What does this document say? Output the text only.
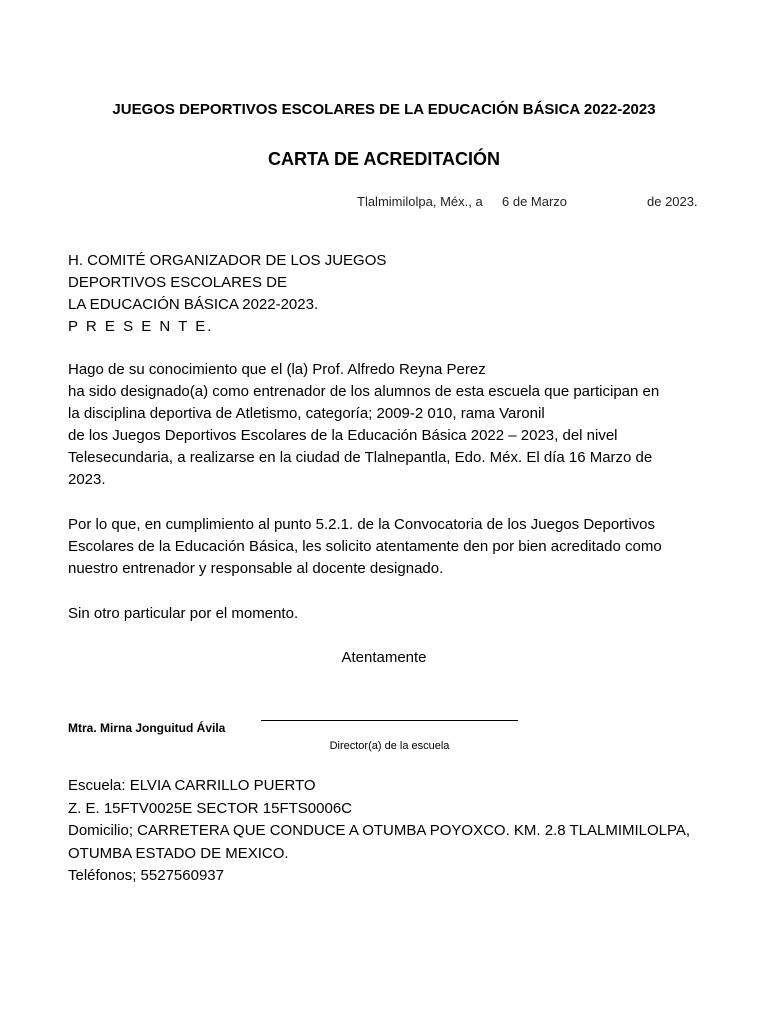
JUEGOS DEPORTIVOS ESCOLARES DE LA EDUCACIÓN BÁSICA 2022-2023
CARTA DE ACREDITACIÓN
Tlalmimilolpa, Méx., a 6 de Marzo	de 2023.
H. COMITÉ ORGANIZADOR DE LOS JUEGOS
DEPORTIVOS ESCOLARES DE
LA EDUCACIÓN BÁSICA 2022-2023.
P R E S E N T E.
Hago de su conocimiento que el (la) Prof. Alfredo Reyna Perez
ha sido designado(a) como entrenador de los alumnos de esta escuela que participan en
la disciplina deportiva de Atletismo, categoría; 2009-2 010, rama Varonil
de los Juegos Deportivos Escolares de la Educación Básica 2022 – 2023, del nivel
Telesecundaria, a realizarse en la ciudad de Tlalnepantla, Edo. Méx. El día 16 Marzo de
2023.
Por lo que, en cumplimiento al punto 5.2.1. de la Convocatoria de los Juegos Deportivos
Escolares de la Educación Básica, les solicito atentamente den por bien acreditado como
nuestro entrenador y responsable al docente designado.
Sin otro particular por el momento.
Atentamente
Mtra. Mirna Jonguitud Ávila
Director(a) de la escuela
Escuela: ELVIA CARRILLO PUERTO
Z. E. 15FTV0025E SECTOR 15FTS0006C
Domicilio; CARRETERA QUE CONDUCE A OTUMBA POYOXCO. KM. 2.8 TLALMIMILOLPA,
OTUMBA ESTADO DE MEXICO.
Teléfonos; 5527560937
